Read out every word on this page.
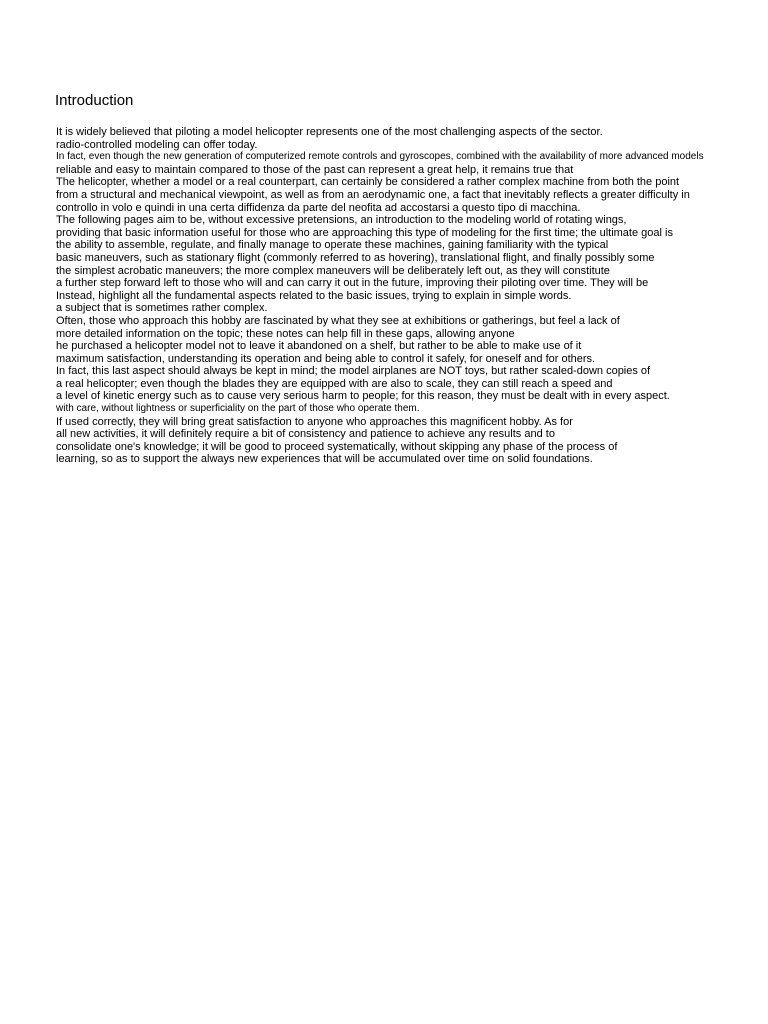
Introduction
It is widely believed that piloting a model helicopter represents one of the most challenging aspects of the sector.
radio-controlled modeling can offer today.
In fact, even though the new generation of computerized remote controls and gyroscopes, combined with the availability of more advanced models
reliable and easy to maintain compared to those of the past can represent a great help, it remains true that
The helicopter, whether a model or a real counterpart, can certainly be considered a rather complex machine from both the point
from a structural and mechanical viewpoint, as well as from an aerodynamic one, a fact that inevitably reflects a greater difficulty in
controllo in volo e quindi in una certa diffidenza da parte del neofita ad accostarsi a questo tipo di macchina.
The following pages aim to be, without excessive pretensions, an introduction to the modeling world of rotating wings,
providing that basic information useful for those who are approaching this type of modeling for the first time; the ultimate goal is
the ability to assemble, regulate, and finally manage to operate these machines, gaining familiarity with the typical
basic maneuvers, such as stationary flight (commonly referred to as hovering), translational flight, and finally possibly some
the simplest acrobatic maneuvers; the more complex maneuvers will be deliberately left out, as they will constitute
a further step forward left to those who will and can carry it out in the future, improving their piloting over time. They will be
Instead, highlight all the fundamental aspects related to the basic issues, trying to explain in simple words.
a subject that is sometimes rather complex.
Often, those who approach this hobby are fascinated by what they see at exhibitions or gatherings, but feel a lack of
more detailed information on the topic; these notes can help fill in these gaps, allowing anyone
he purchased a helicopter model not to leave it abandoned on a shelf, but rather to be able to make use of it
maximum satisfaction, understanding its operation and being able to control it safely, for oneself and for others.
In fact, this last aspect should always be kept in mind; the model airplanes are NOT toys, but rather scaled-down copies of
a real helicopter; even though the blades they are equipped with are also to scale, they can still reach a speed and
a level of kinetic energy such as to cause very serious harm to people; for this reason, they must be dealt with in every aspect.
with care, without lightness or superficiality on the part of those who operate them.
If used correctly, they will bring great satisfaction to anyone who approaches this magnificent hobby. As for
all new activities, it will definitely require a bit of consistency and patience to achieve any results and to
consolidate one's knowledge; it will be good to proceed systematically, without skipping any phase of the process of
learning, so as to support the always new experiences that will be accumulated over time on solid foundations.
